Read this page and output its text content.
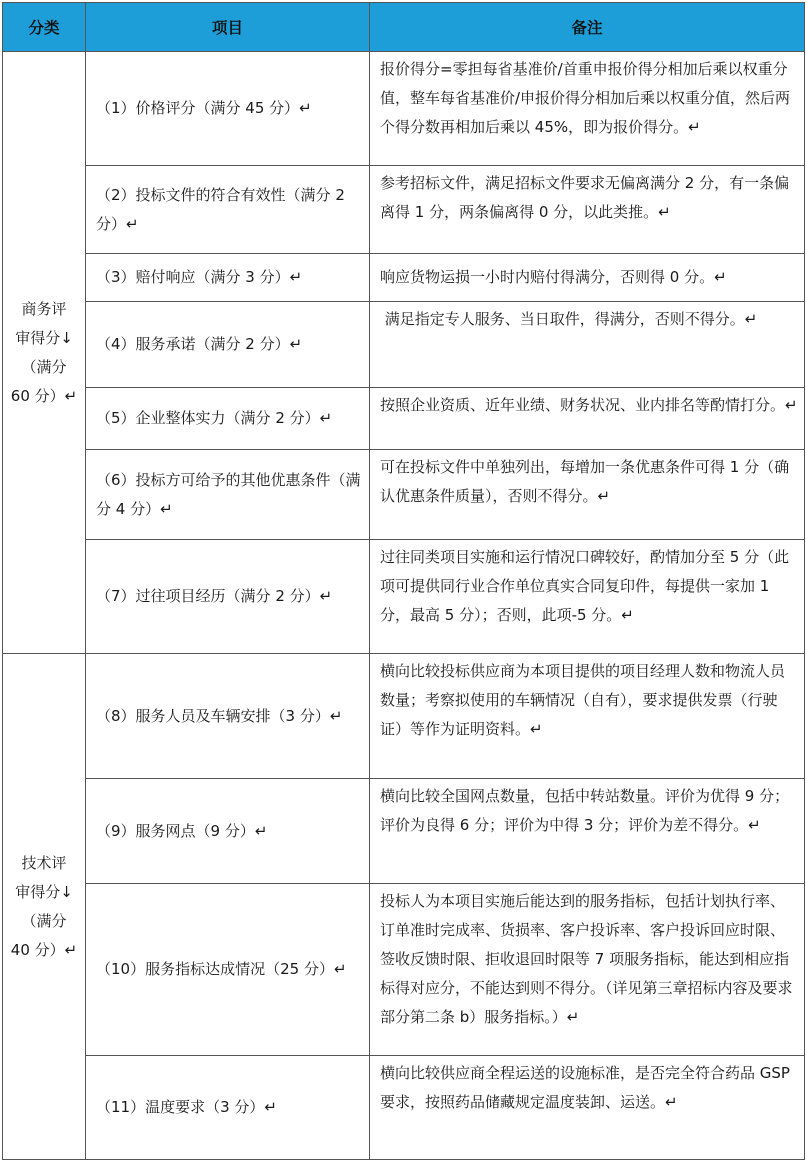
分类	项目	备注
商务评
审得分↓
（满分
60 分）↵	（1）价格评分（满分 45 分）↵	报价得分=零担每省基准价/首重申报价得分相加后乘以权重分值，整车每省基准价/申报价得分相加后乘以权重分值，然后两个得分数再相加后乘以 45%，即为报价得分。↵
	（2）投标文件的符合有效性（满分 2 分）↵	参考招标文件，满足招标文件要求无偏离满分 2 分，有一条偏离得 1 分，两条偏离得 0 分，以此类推。↵
	（3）赔付响应（满分 3 分）↵	响应货物运损一小时内赔付得满分，否则得 0 分。↵
	（4）服务承诺（满分 2 分）↵	满足指定专人服务、当日取件，得满分，否则不得分。↵
	（5）企业整体实力（满分 2 分）↵	按照企业资质、近年业绩、财务状况、业内排名等酌情打分。↵
	（6）投标方可给予的其他优惠条件（满分 4 分）↵	可在投标文件中单独列出，每增加一条优惠条件可得 1 分（确认优惠条件质量），否则不得分。↵
	（7）过往项目经历（满分 2 分）↵	过往同类项目实施和运行情况口碑较好，酌情加分至 5 分（此项可提供同行业合作单位真实合同复印件，每提供一家加 1 分，最高 5 分）；否则，此项-5 分。↵
技术评
审得分↓
（满分
40 分）↵	（8）服务人员及车辆安排（3 分）↵	横向比较投标供应商为本项目提供的项目经理人数和物流人员数量；考察拟使用的车辆情况（自有），要求提供发票（行驶证）等作为证明资料。↵
	（9）服务网点（9 分）↵	横向比较全国网点数量，包括中转站数量。评价为优得 9 分；评价为良得 6 分；评价为中得 3 分；评价为差不得分。↵
	（10）服务指标达成情况（25 分）↵	投标人为本项目实施后能达到的服务指标，包括计划执行率、订单准时完成率、货损率、客户投诉率、客户投诉回应时限、签收反馈时限、拒收退回时限等 7 项服务指标，能达到相应指标得对应分，不能达到则不得分。（详见第三章招标内容及要求部分第二条 b）服务指标。）↵
	（11）温度要求（3 分）↵	横向比较供应商全程运送的设施标准，是否完全符合药品 GSP 要求，按照药品储藏规定温度装卸、运送。↵
